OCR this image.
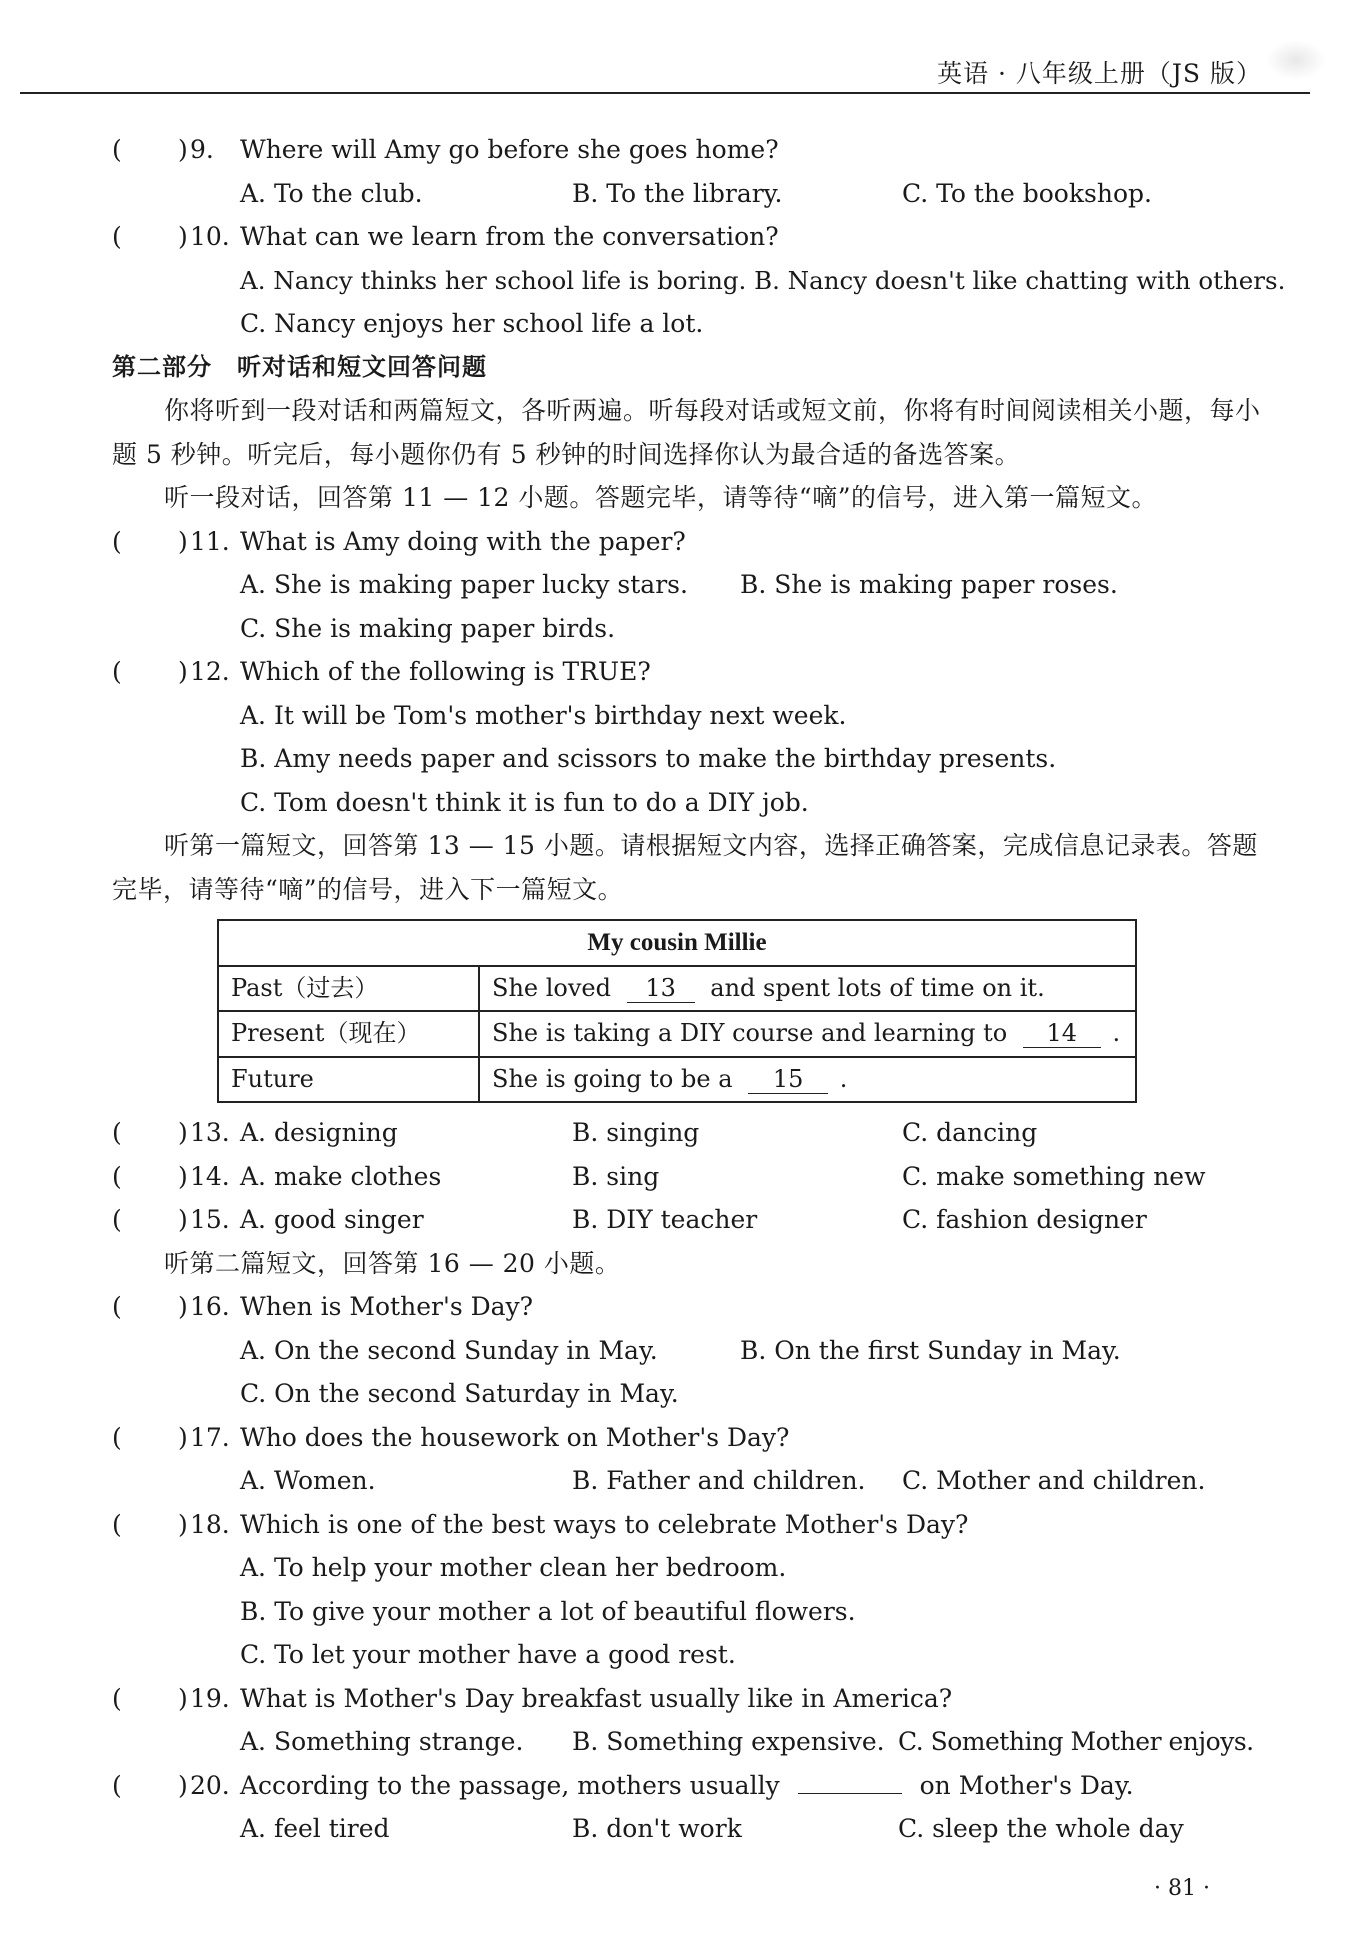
英语 · 八年级上册（JS 版）
( ) 9. Where will Amy go before she goes home?
A. To the club.	B. To the library.	C. To the bookshop.
( ) 10. What can we learn from the conversation?
A. Nancy thinks her school life is boring. B. Nancy doesn't like chatting with others.
C. Nancy enjoys her school life a lot.
第二部分　听对话和短文回答问题
你将听到一段对话和两篇短文，各听两遍。听每段对话或短文前，你将有时间阅读相关小题，每小题 5 秒钟。听完后，每小题你仍有 5 秒钟的时间选择你认为最合适的备选答案。
听一段对话，回答第 11 — 12 小题。答题完毕，请等待“嘀”的信号，进入第一篇短文。
( ) 11. What is Amy doing with the paper?
A. She is making paper lucky stars. B. She is making paper roses.
C. She is making paper birds.
( ) 12. Which of the following is TRUE?
A. It will be Tom's mother's birthday next week.
B. Amy needs paper and scissors to make the birthday presents.
C. Tom doesn't think it is fun to do a DIY job.
听第一篇短文，回答第 13 — 15 小题。请根据短文内容，选择正确答案，完成信息记录表。答题完毕，请等待“嘀”的信号，进入下一篇短文。
My cousin Millie	
Past（过去）	She loved 13 and spent lots of time on it.
Present（现在）	She is taking a DIY course and learning to 14 .
Future	She is going to be a 15 .
( ) 13. A. designing	B. singing	C. dancing
( ) 14. A. make clothes	B. sing	C. make something new
( ) 15. A. good singer	B. DIY teacher	C. fashion designer
听第二篇短文，回答第 16 — 20 小题。
( ) 16. When is Mother's Day?
A. On the second Sunday in May.	B. On the first Sunday in May.
C. On the second Saturday in May.
( ) 17. Who does the housework on Mother's Day?
A. Women.	B. Father and children. C. Mother and children.
( ) 18. Which is one of the best ways to celebrate Mother's Day?
A. To help your mother clean her bedroom.
B. To give your mother a lot of beautiful flowers.
C. To let your mother have a good rest.
( ) 19. What is Mother's Day breakfast usually like in America?
A. Something strange. B. Something expensive. C. Something Mother enjoys.
( ) 20. According to the passage, mothers usually	on Mother's Day.
A. feel tired	B. don't work	C. sleep the whole day
· 81 ·
